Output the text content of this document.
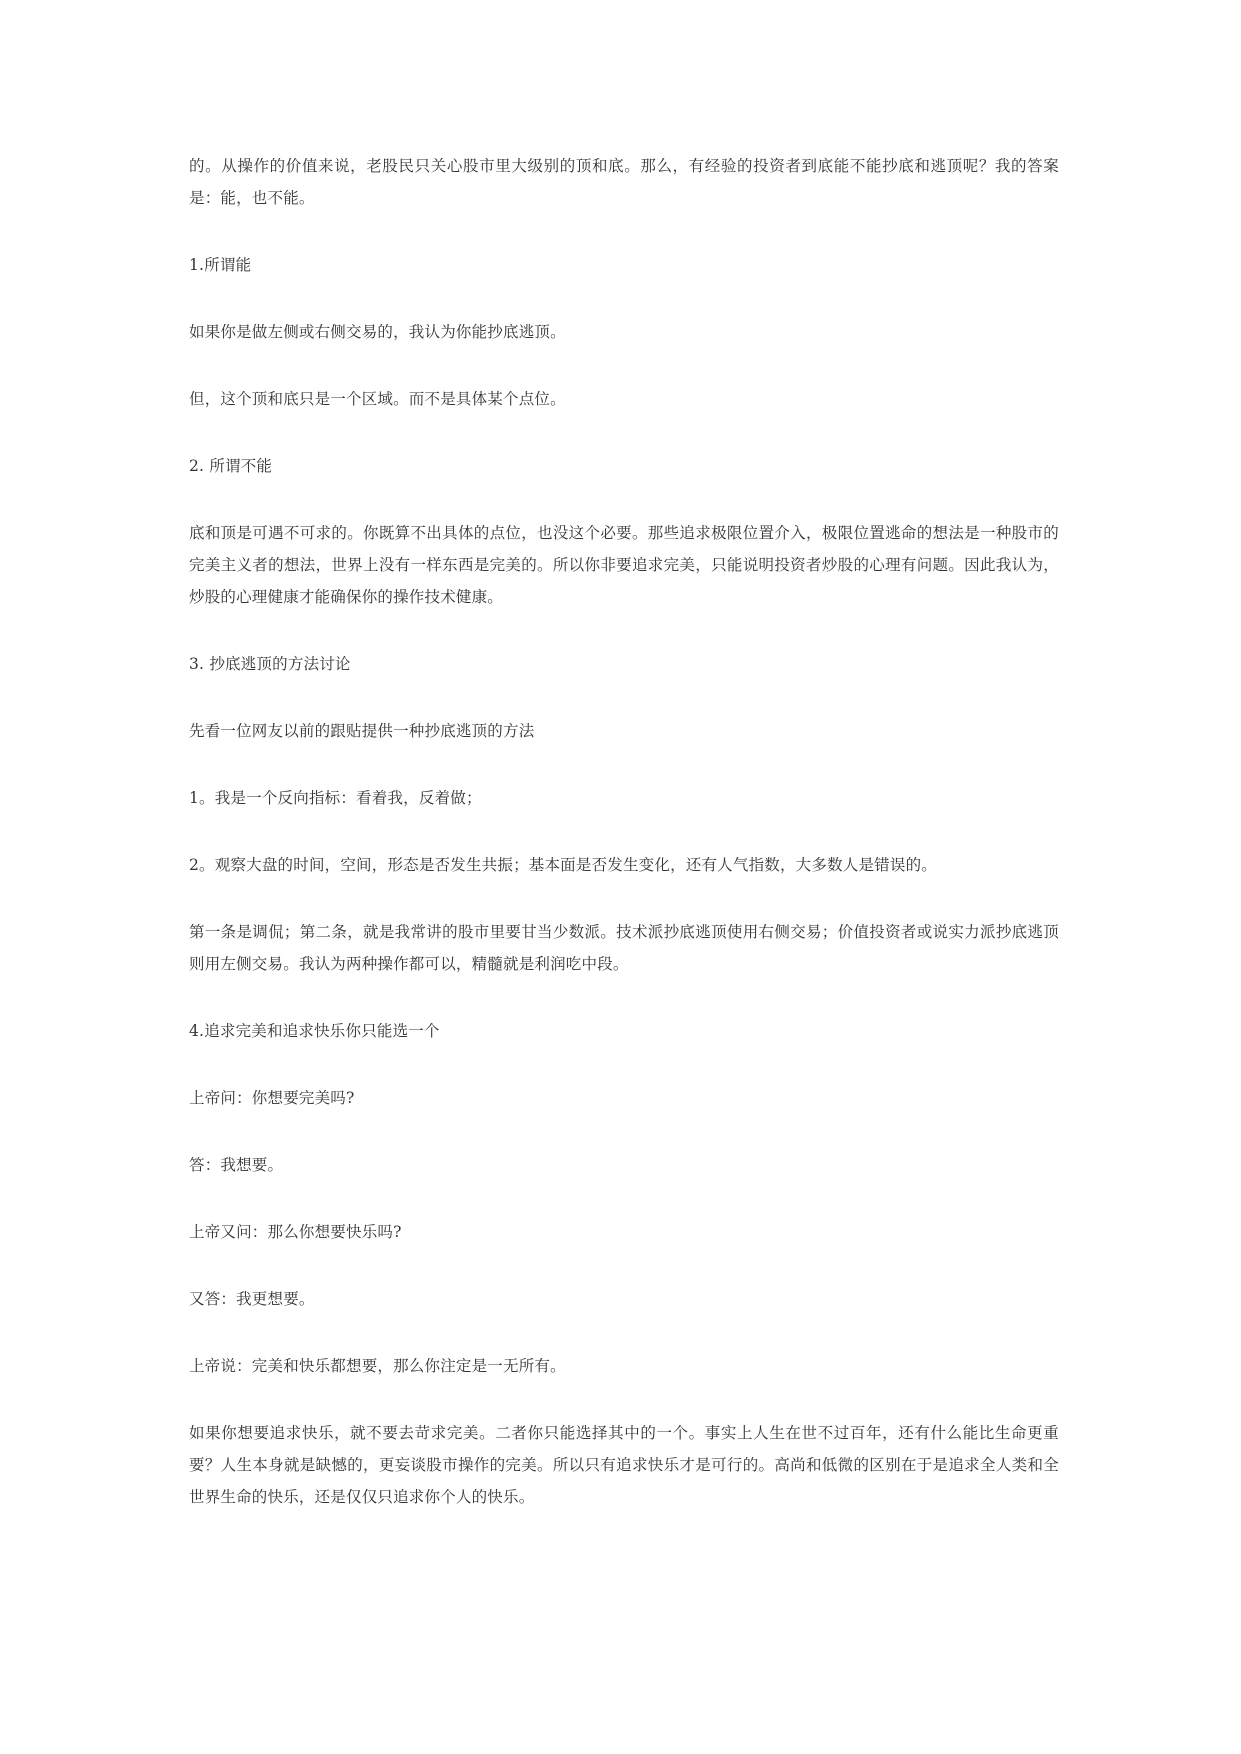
的。从操作的价值来说，老股民只关心股市里大级别的顶和底。那么，有经验的投资者到底能不能抄底和逃顶呢？我的答案是：能，也不能。

1.所谓能

如果你是做左侧或右侧交易的，我认为你能抄底逃顶。

但，这个顶和底只是一个区域。而不是具体某个点位。

2. 所谓不能

底和顶是可遇不可求的。你既算不出具体的点位，也没这个必要。那些追求极限位置介入，极限位置逃命的想法是一种股市的完美主义者的想法，世界上没有一样东西是完美的。所以你非要追求完美，只能说明投资者炒股的心理有问题。因此我认为，炒股的心理健康才能确保你的操作技术健康。

3. 抄底逃顶的方法讨论

先看一位网友以前的跟贴提供一种抄底逃顶的方法

1。我是一个反向指标：看着我，反着做；

2。观察大盘的时间，空间，形态是否发生共振；基本面是否发生变化，还有人气指数，大多数人是错误的。

第一条是调侃；第二条，就是我常讲的股市里要甘当少数派。技术派抄底逃顶使用右侧交易；价值投资者或说实力派抄底逃顶则用左侧交易。我认为两种操作都可以，精髓就是利润吃中段。

4.追求完美和追求快乐你只能选一个

上帝问：你想要完美吗?

答：我想要。

上帝又问：那么你想要快乐吗?

又答：我更想要。

上帝说：完美和快乐都想要，那么你注定是一无所有。

如果你想要追求快乐，就不要去苛求完美。二者你只能选择其中的一个。事实上人生在世不过百年，还有什么能比生命更重要？人生本身就是缺憾的，更妄谈股市操作的完美。所以只有追求快乐才是可行的。高尚和低微的区别在于是追求全人类和全世界生命的快乐，还是仅仅只追求你个人的快乐。
